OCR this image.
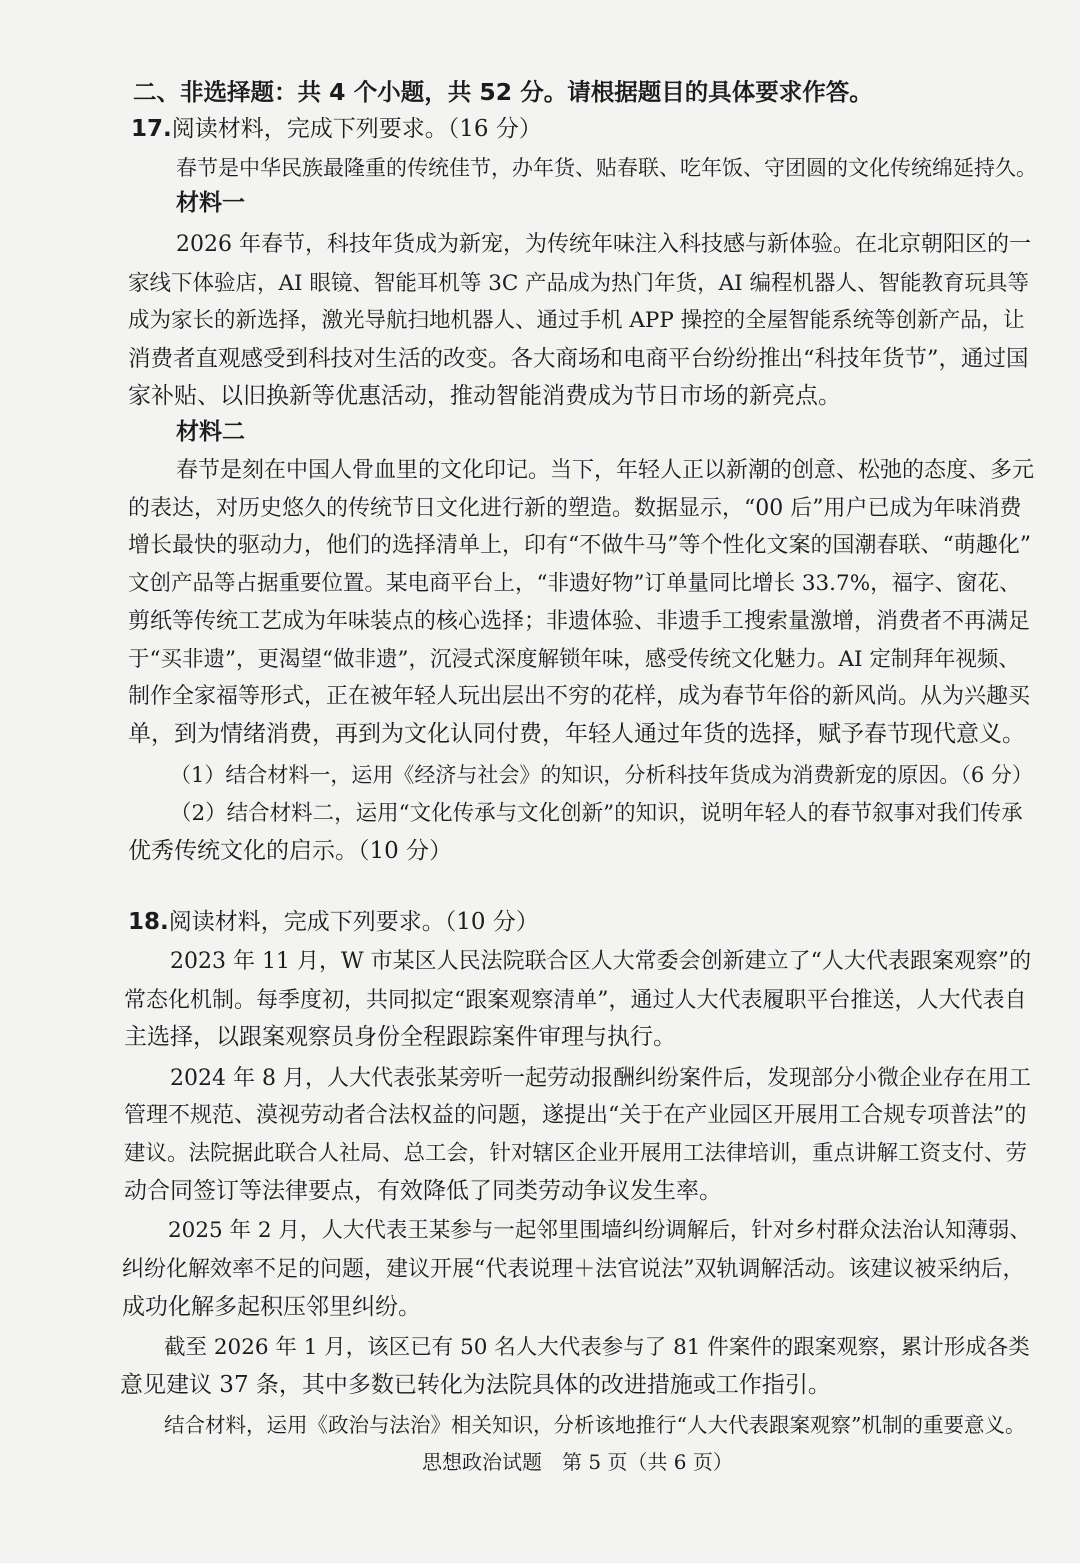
二、非选择题：共 4 个小题，共 52 分。请根据题目的具体要求作答。
17.阅读材料，完成下列要求。（16 分）
春节是中华民族最隆重的传统佳节，办年货、贴春联、吃年饭、守团圆的文化传统绵延持久。
材料一
2026 年春节，科技年货成为新宠，为传统年味注入科技感与新体验。在北京朝阳区的一
家线下体验店，AI 眼镜、智能耳机等 3C 产品成为热门年货，AI 编程机器人、智能教育玩具等
成为家长的新选择，激光导航扫地机器人、通过手机 APP 操控的全屋智能系统等创新产品，让
消费者直观感受到科技对生活的改变。各大商场和电商平台纷纷推出“科技年货节”，通过国
家补贴、以旧换新等优惠活动，推动智能消费成为节日市场的新亮点。
材料二
春节是刻在中国人骨血里的文化印记。当下，年轻人正以新潮的创意、松弛的态度、多元
的表达，对历史悠久的传统节日文化进行新的塑造。数据显示，“00 后”用户已成为年味消费
增长最快的驱动力，他们的选择清单上，印有“不做牛马”等个性化文案的国潮春联、“萌趣化”
文创产品等占据重要位置。某电商平台上，“非遗好物”订单量同比增长 33.7%，福字、窗花、
剪纸等传统工艺成为年味装点的核心选择；非遗体验、非遗手工搜索量激增，消费者不再满足
于“买非遗”，更渴望“做非遗”，沉浸式深度解锁年味，感受传统文化魅力。AI 定制拜年视频、
制作全家福等形式，正在被年轻人玩出层出不穷的花样，成为春节年俗的新风尚。从为兴趣买
单，到为情绪消费，再到为文化认同付费，年轻人通过年货的选择，赋予春节现代意义。
（1）结合材料一，运用《经济与社会》的知识，分析科技年货成为消费新宠的原因。（6 分）
（2）结合材料二，运用“文化传承与文化创新”的知识，说明年轻人的春节叙事对我们传承
优秀传统文化的启示。（10 分）
18.阅读材料，完成下列要求。（10 分）
2023 年 11 月，W 市某区人民法院联合区人大常委会创新建立了“人大代表跟案观察”的
常态化机制。每季度初，共同拟定“跟案观察清单”，通过人大代表履职平台推送，人大代表自
主选择，以跟案观察员身份全程跟踪案件审理与执行。
2024 年 8 月，人大代表张某旁听一起劳动报酬纠纷案件后，发现部分小微企业存在用工
管理不规范、漠视劳动者合法权益的问题，遂提出“关于在产业园区开展用工合规专项普法”的
建议。法院据此联合人社局、总工会，针对辖区企业开展用工法律培训，重点讲解工资支付、劳
动合同签订等法律要点，有效降低了同类劳动争议发生率。
2025 年 2 月，人大代表王某参与一起邻里围墙纠纷调解后，针对乡村群众法治认知薄弱、
纠纷化解效率不足的问题，建议开展“代表说理＋法官说法”双轨调解活动。该建议被采纳后，
成功化解多起积压邻里纠纷。
截至 2026 年 1 月，该区已有 50 名人大代表参与了 81 件案件的跟案观察，累计形成各类
意见建议 37 条，其中多数已转化为法院具体的改进措施或工作指引。
结合材料，运用《政治与法治》相关知识，分析该地推行“人大代表跟案观察”机制的重要意义。
思想政治试题　第 5 页（共 6 页）
